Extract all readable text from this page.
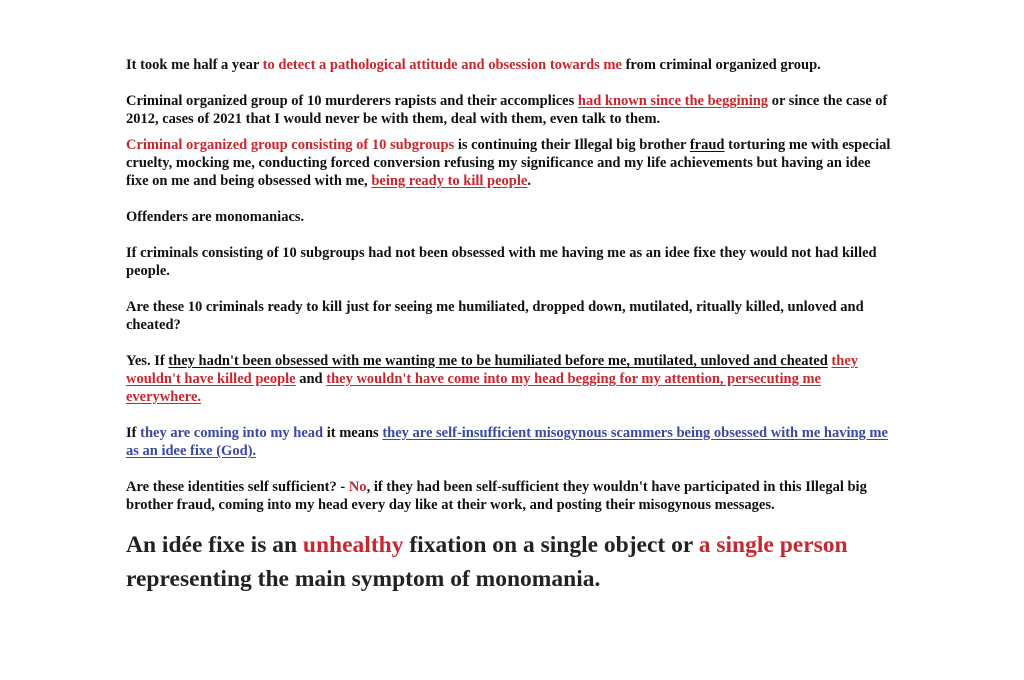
It took me half a year to detect a pathological attitude and obsession towards me from criminal organized group.

Criminal organized group of 10 murderers rapists and their accomplices had known since the beggining or since the case of 2012, cases of 2021 that I would never be with them, deal with them, even talk to them.

Criminal organized group consisting of 10 subgroups is continuing their Illegal big brother fraud torturing me with especial cruelty, mocking me, conducting forced conversion refusing my significance and my life achievements but having an idee fixe on me and being obsessed with me, being ready to kill people.

Offenders are monomaniacs.

If criminals consisting of 10 subgroups had not been obsessed with me having me as an idee fixe they would not had killed people.

Are these 10 criminals ready to kill just for seeing me humiliated, dropped down, mutilated, ritually killed, unloved and cheated?

Yes. If they hadn't been obsessed with me wanting me to be humiliated before me, mutilated, unloved and cheated they wouldn't have killed people and they wouldn't have come into my head begging for my attention, persecuting me everywhere.

If they are coming into my head it means they are self-insufficient misogynous scammers being obsessed with me having me as an idee fixe (God).

Are these identities self sufficient? - No, if they had been self-sufficient they wouldn't have participated in this Illegal big brother fraud, coming into my head every day like at their work, and posting their misogynous messages.

An idée fixe is an unhealthy fixation on a single object or a single person representing the main symptom of monomania.
